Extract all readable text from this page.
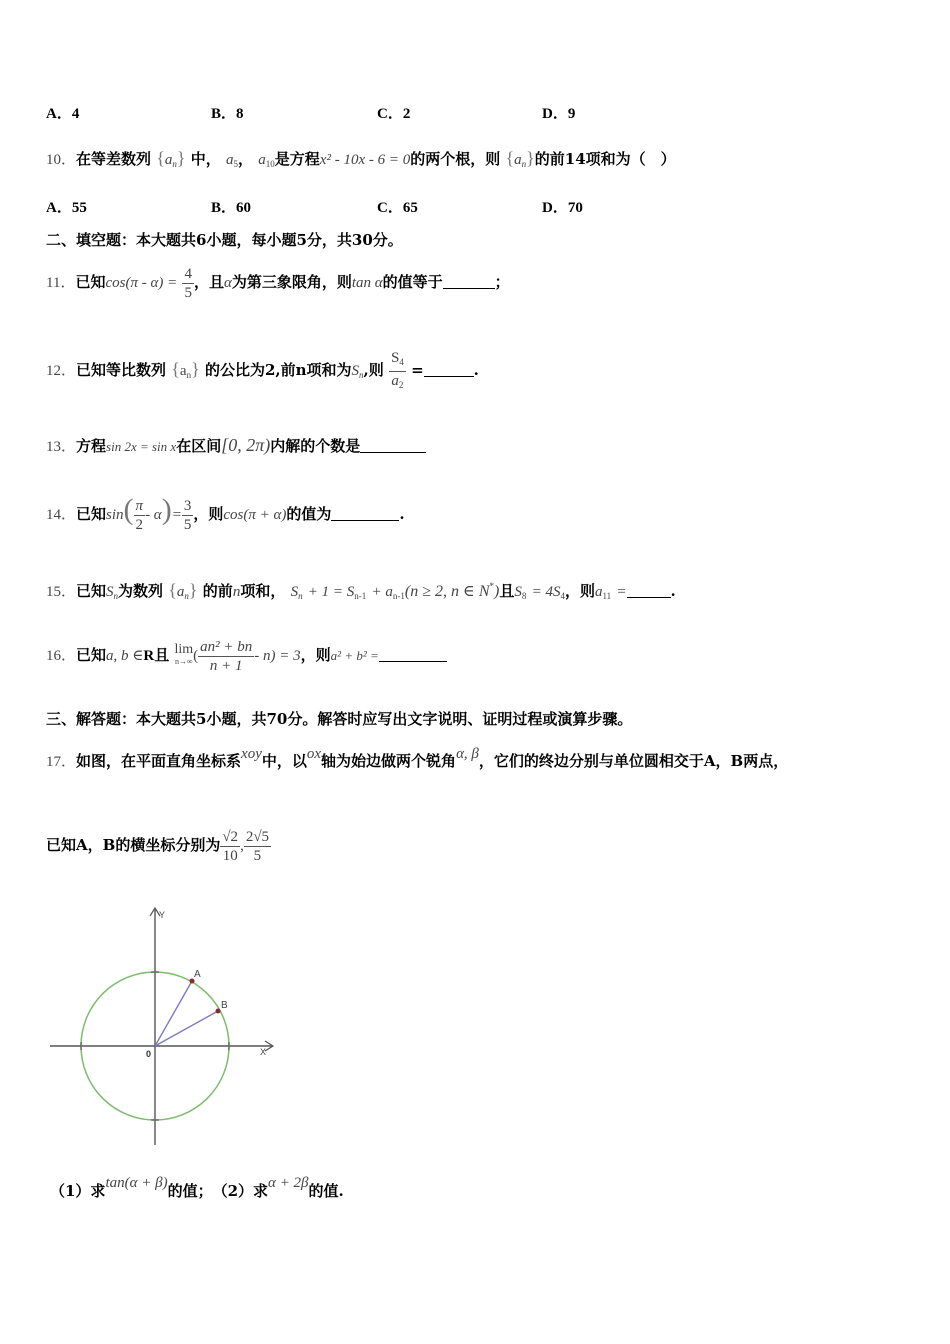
A．4	B．8	C．2	D．9
10．在等差数列 $\{a_n\}$ 中， $a_5$， $a_{10}$是方程x² - 10x - 6 = 0的两个根，则 $\{a_n\}$的前14项和为（　）
A．55	B．60	C．65	D．70
二、填空题：本大题共6小题，每小题5分，共30分。
11．已知$\cos(\pi - \alpha) = \frac{4}{5}$ ，且α为第三象限角，则tan α的值等于	；
12．已知等比数列 $\{a_n\}$ 的公比为2,前n项和为$S_n$,则 $\frac{S_4}{a_2}$ =	.
13．方程sin 2x = sin x在区间[0, 2π)内解的个数是
14．已知$\sin( \frac{\pi}{2} - \alpha)= \frac{3}{5}$ ，则cos(π + α)的值为	.
15．已知$S_n$为数列 $\{a_n\}$ 的前n项和， $S_n + 1 = S_{n-1} + a_{n-1}(n \ge 2$, n ∈ N*)且$S_8 = 4S_4$，则$a_{11}$ =	.
16．已知a, b ∈R且 lim
n→∞ ( $\frac{\text{an² + bn}}{n + 1} - n) = 3$，则a² + b² =
三、解答题：本大题共5小题，共70分。解答时应写出文字说明、证明过程或演算步骤。
17．如图，在平面直角坐标系xoy中，以ox轴为始边做两个锐角α, β，它们的终边分别与单位圆相交于A，B两点，
已知A，B的横坐标分别为 $\frac{√2}{10}$ , $\frac{2√5}{5}$
A
B
0
Y
X
（1）求tan(α + β)的值；　 （2）求α + 2β的值.
